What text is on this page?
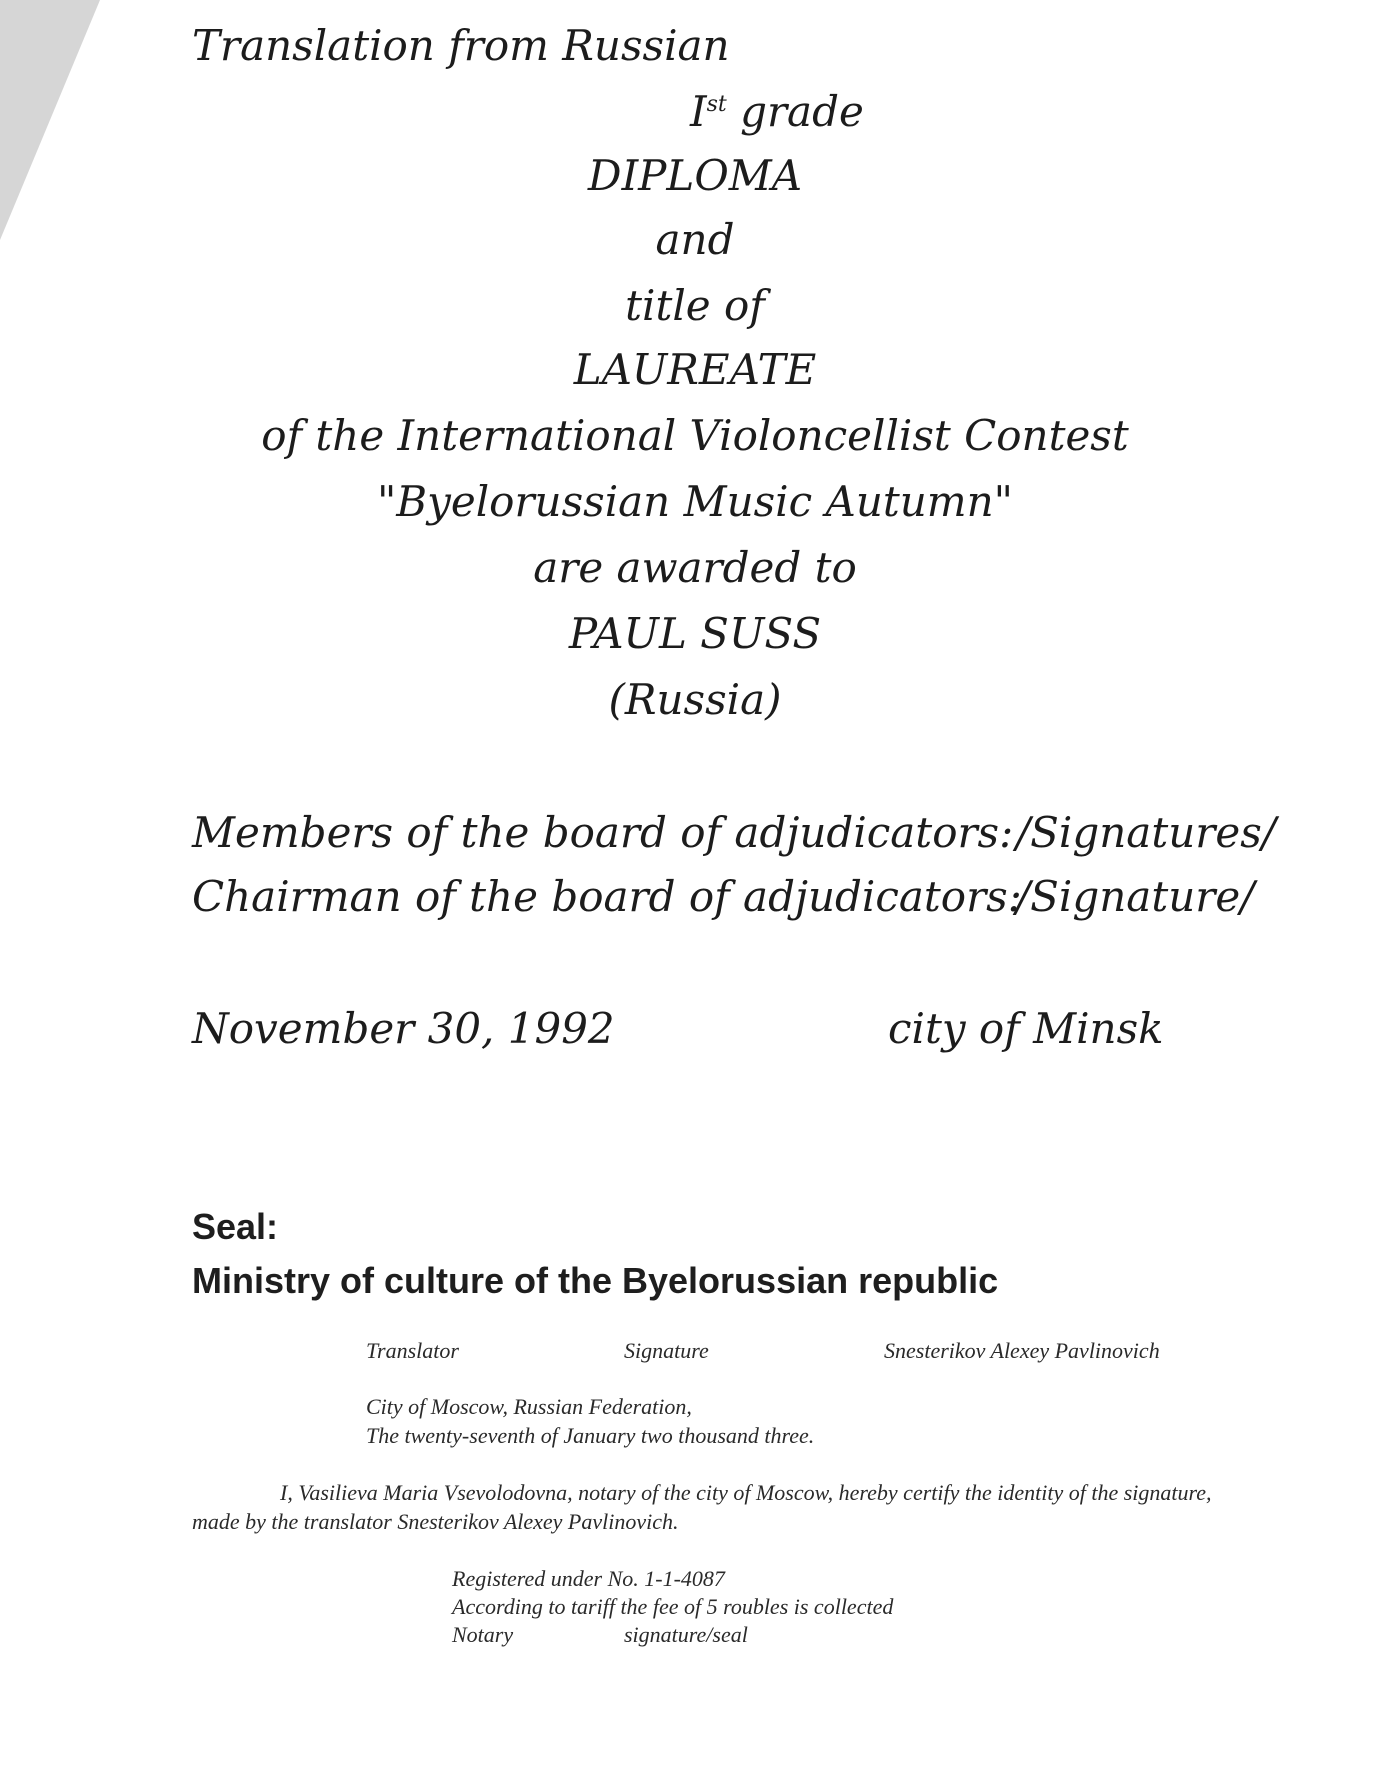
Translation from Russian
Ist grade
DIPLOMA
and
title of
LAUREATE
of the International Violoncellist Contest
"Byelorussian Music Autumn"
are awarded to
PAUL SUSS
(Russia)
Members of the board of adjudicators: /Signatures/
Chairman of the board of adjudicators:
/Signature/
November 30, 1992	city of Minsk
Seal:
Ministry of culture of the Byelorussian republic
Translator	Signature	Snesterikov Alexey Pavlinovich
City of Moscow, Russian Federation,
The twenty-seventh of January two thousand three.
I, Vasilieva Maria Vsevolodovna, notary of the city of Moscow, hereby certify the identity of the signature,
made by the translator Snesterikov Alexey Pavlinovich.
Registered under No. 1-1-4087
According to tariff the fee of 5 roubles is collected
Notary	signature/seal
